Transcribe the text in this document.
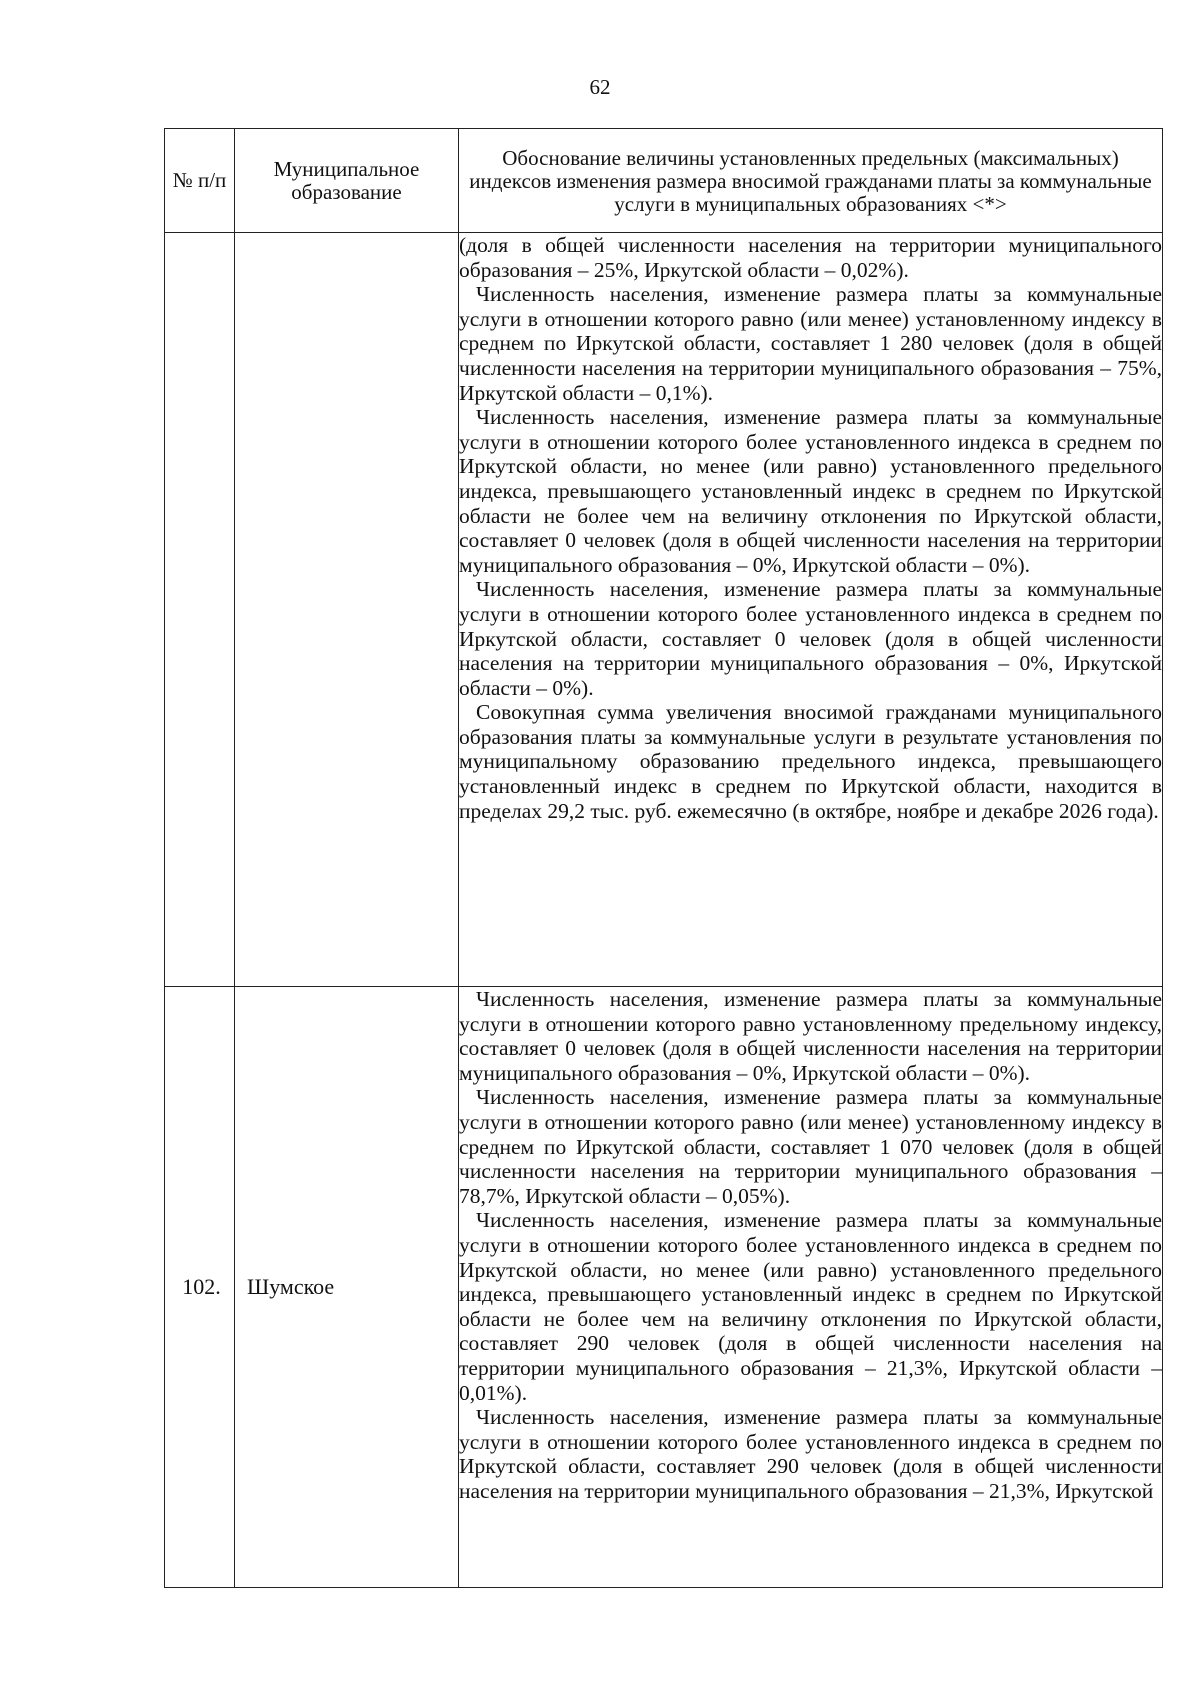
62
№ п/п	Муниципальное образование	Обоснование величины установленных предельных (максимальных) индексов изменения размера вносимой гражданами платы за коммунальные услуги в муниципальных образованиях <*>

		(доля в общей численности населения на территории муниципального образования – 25%, Иркутской области – 0,02%).

Численность населения, изменение размера платы за коммунальные услуги в отношении которого равно (или менее) установленному индексу в среднем по Иркутской области, составляет 1 280 человек (доля в общей численности населения на территории муниципального образования – 75%, Иркутской области – 0,1%).

Численность населения, изменение размера платы за коммунальные услуги в отношении которого более установленного индекса в среднем по Иркутской области, но менее (или равно) установленного предельного индекса, превышающего установленный индекс в среднем по Иркутской области не более чем на величину отклонения по Иркутской области, составляет 0 человек (доля в общей численности населения на территории муниципального образования – 0%, Иркутской области – 0%).

Численность населения, изменение размера платы за коммунальные услуги в отношении которого более установленного индекса в среднем по Иркутской области, составляет 0 человек (доля в общей численности населения на территории муниципального образования – 0%, Иркутской области – 0%).

Совокупная сумма увеличения вносимой гражданами муниципального образования платы за коммунальные услуги в результате установления по муниципальному образованию предельного индекса, превышающего установленный индекс в среднем по Иркутской области, находится в пределах 29,2 тыс. руб. ежемесячно (в октябре, ноябре и декабре 2026 года).

102.	Шумское	Численность населения, изменение размера платы за коммунальные услуги в отношении которого равно установленному предельному индексу, составляет 0 человек (доля в общей численности населения на территории муниципального образования – 0%, Иркутской области – 0%).

Численность населения, изменение размера платы за коммунальные услуги в отношении которого равно (или менее) установленному индексу в среднем по Иркутской области, составляет 1 070 человек (доля в общей численности населения на территории муниципального образования – 78,7%, Иркутской области – 0,05%).

Численность населения, изменение размера платы за коммунальные услуги в отношении которого более установленного индекса в среднем по Иркутской области, но менее (или равно) установленного предельного индекса, превышающего установленный индекс в среднем по Иркутской области не более чем на величину отклонения по Иркутской области, составляет 290 человек (доля в общей численности населения на территории муниципального образования – 21,3%, Иркутской области – 0,01%).

Численность населения, изменение размера платы за коммунальные услуги в отношении которого более установленного индекса в среднем по Иркутской области, составляет 290 человек (доля в общей численности населения на территории муниципального образования – 21,3%, Иркутской
